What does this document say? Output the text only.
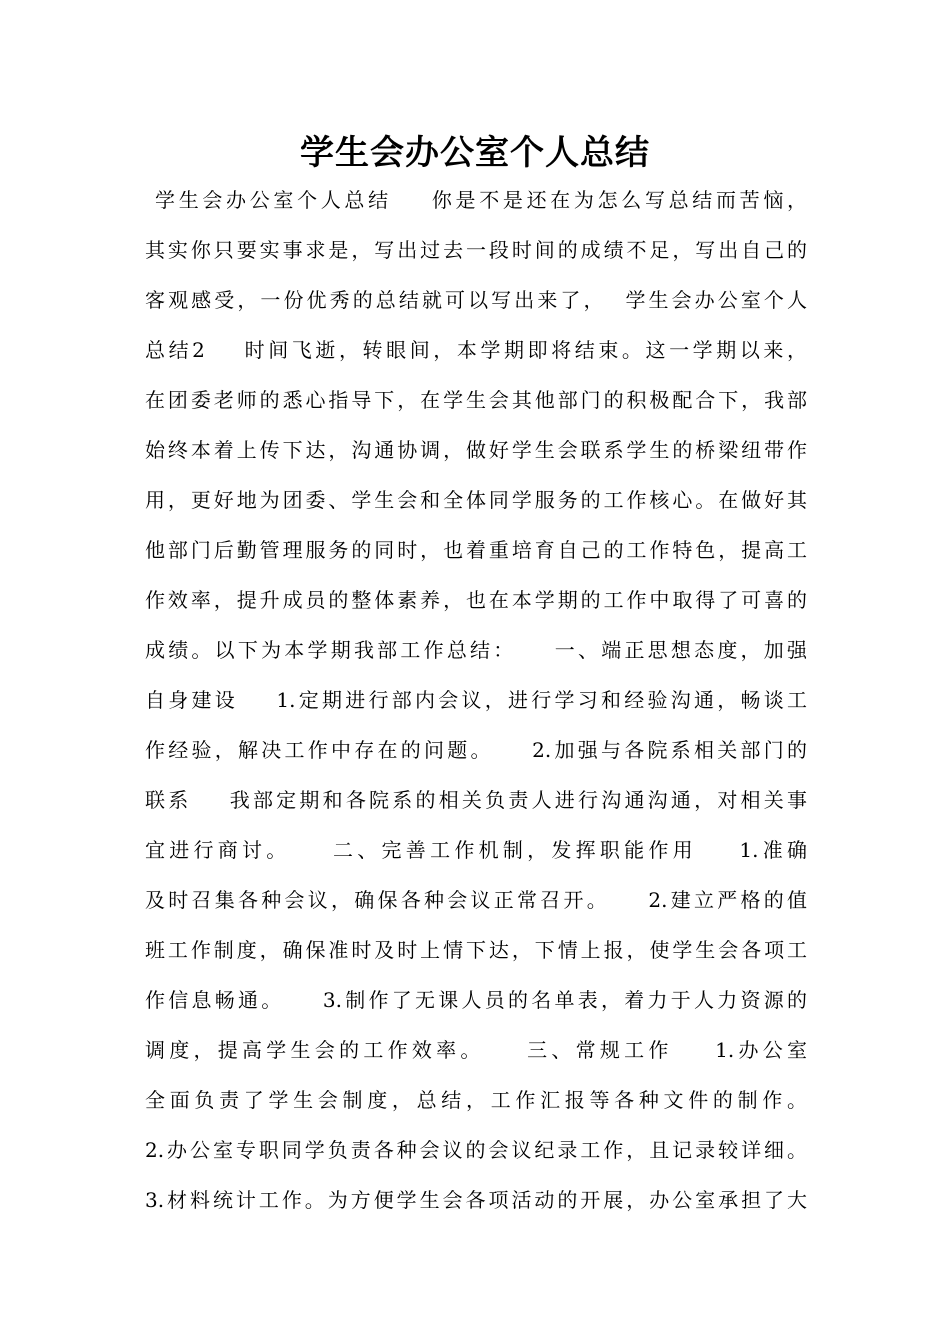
学生会办公室个人总结
学生会办公室个人总结    你是不是还在为怎么写总结而苦恼，
其实你只要实事求是，写出过去一段时间的成绩不足，写出自己的
客观感受，一份优秀的总结就可以写出来了，  学生会办公室个人
总结2    时间飞逝，转眼间，本学期即将结束。这一学期以来，
在团委老师的悉心指导下，在学生会其他部门的积极配合下，我部
始终本着上传下达，沟通协调，做好学生会联系学生的桥梁纽带作
用，更好地为团委、学生会和全体同学服务的工作核心。在做好其
他部门后勤管理服务的同时，也着重培育自己的工作特色，提高工
作效率，提升成员的整体素养，也在本学期的工作中取得了可喜的
成绩。以下为本学期我部工作总结：    一、端正思想态度，加强
自身建设    1.定期进行部内会议，进行学习和经验沟通，畅谈工
作经验，解决工作中存在的问题。    2.加强与各院系相关部门的
联系    我部定期和各院系的相关负责人进行沟通沟通，对相关事
宜进行商讨。    二、完善工作机制，发挥职能作用    1.准确
及时召集各种会议，确保各种会议正常召开。    2.建立严格的值
班工作制度，确保准时及时上情下达，下情上报，使学生会各项工
作信息畅通。    3.制作了无课人员的名单表，着力于人力资源的
调度，提高学生会的工作效率。    三、常规工作    1.办公室
全面负责了学生会制度，总结，工作汇报等各种文件的制作。
2.办公室专职同学负责各种会议的会议纪录工作，且记录较详细。
3.材料统计工作。为方便学生会各项活动的开展，办公室承担了大
